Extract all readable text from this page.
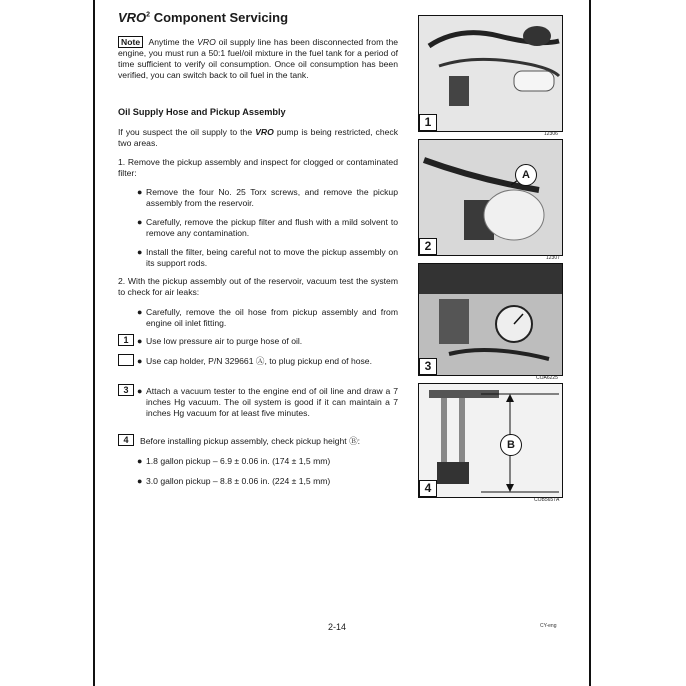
VRO$^2$ Component Servicing
Note Anytime the VRO oil supply line has been disconnected from the engine, you must run a 50:1 fuel/oil mixture in the fuel tank for a period of time sufficient to verify oil consumption. Once oil consumption has been verified, you can switch back to oil fuel in the tank.
Oil Supply Hose and Pickup Assembly
If you suspect the oil supply to the VRO pump is being restricted, check two areas.
1. Remove the pickup assembly and inspect for clogged or contaminated filter:
● Remove the four No. 25 Torx screws, and remove the pickup assembly from the reservoir.
● Carefully, remove the pickup filter and flush with a mild solvent to remove any contamination.
● Install the filter, being careful not to move the pickup assembly on its support rods.
2. With the pickup assembly out of the reservoir, vacuum test the system to check for air leaks:
● Carefully, remove the oil hose from pickup assembly and from engine oil inlet fitting.
1 ● Use low pressure air to purge hose of oil.
● Use cap holder, P/N 329661 Ⓐ, to plug pickup end of hose.
3 ● Attach a vacuum tester to the engine end of oil line and draw a 7 inches Hg vacuum. The oil system is good if it can maintain a 7 inches Hg vacuum for at least five minutes.
4	Before installing pickup assembly, check pickup height Ⓑ:
● 1.8 gallon pickup – 6.9 ± 0.06 in. (174 ± 1,5 mm)
● 3.0 gallon pickup – 8.8 ± 0.06 in. (224 ± 1,5 mm)
1
12306
A
2
12307
3
COA6225
B
4
COB5657A
2-14	CY-eng
